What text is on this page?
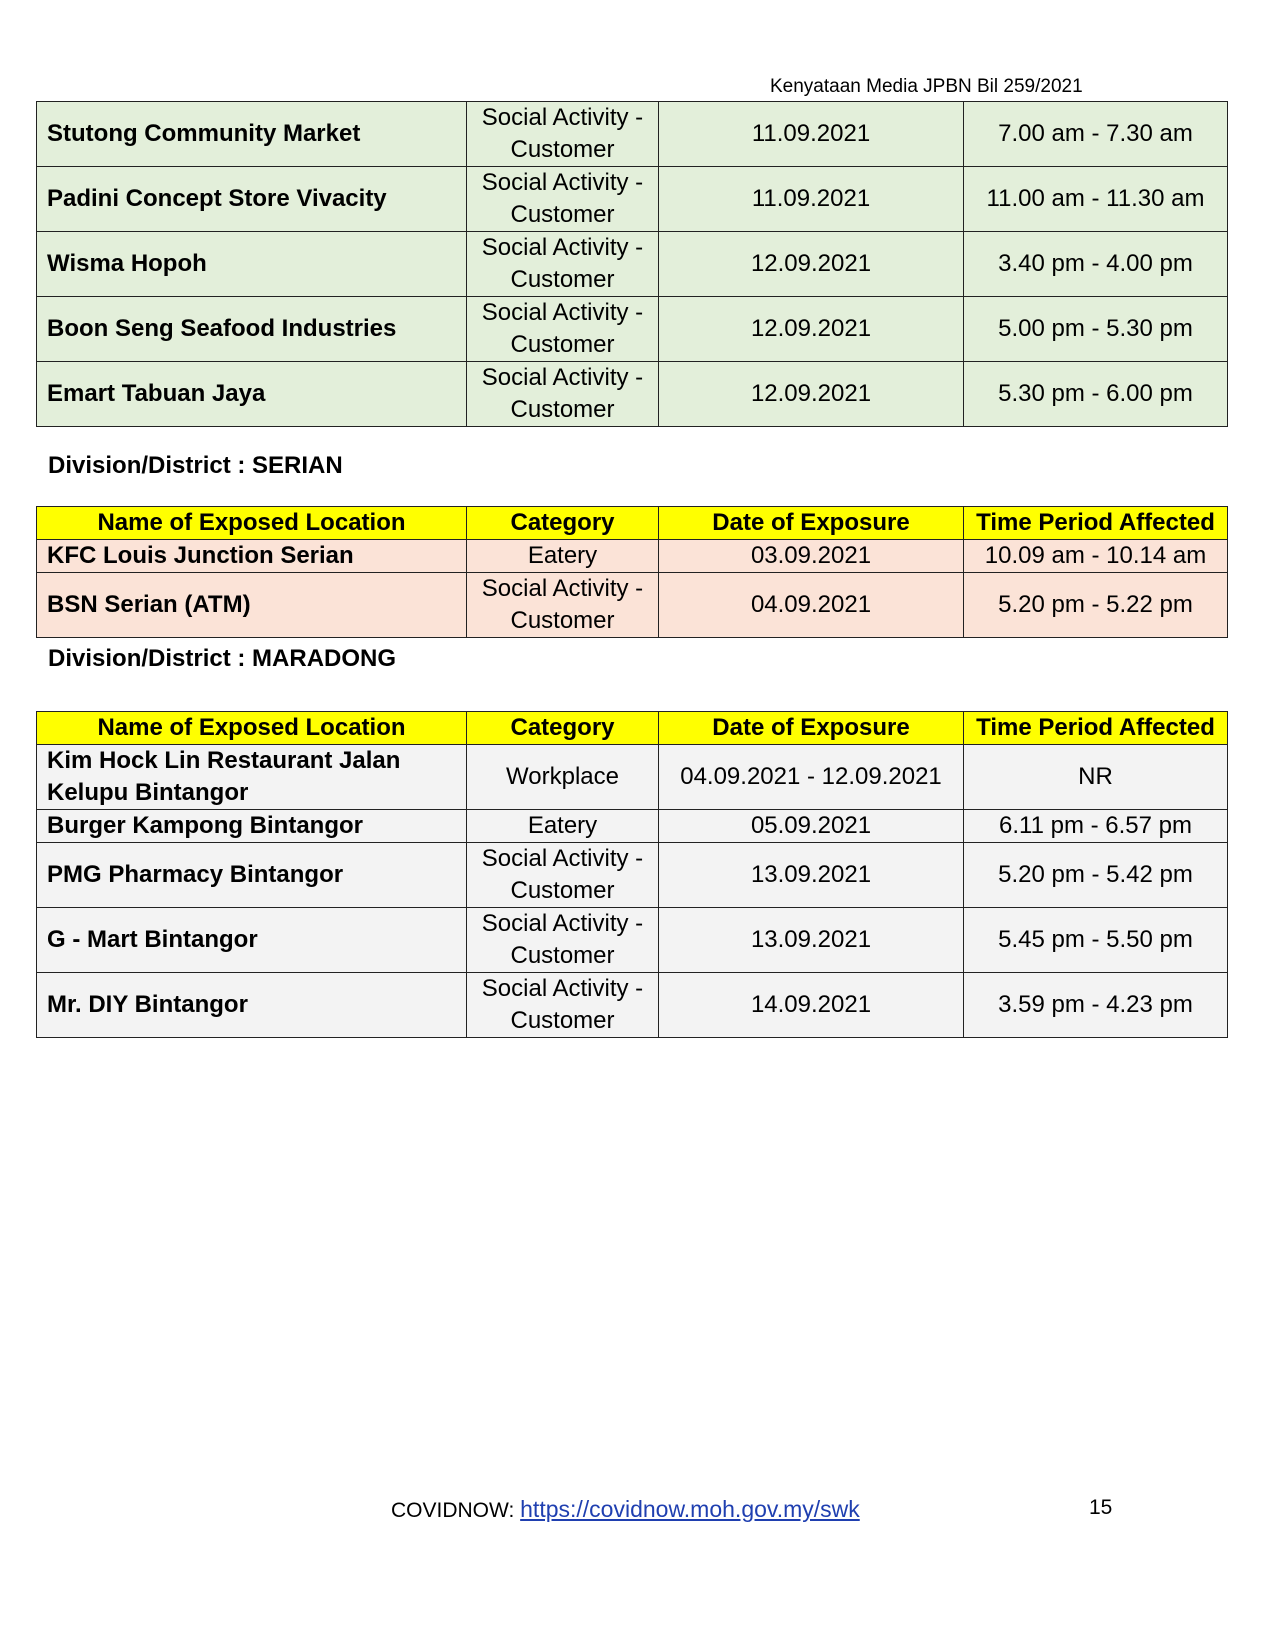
Kenyataan Media JPBN Bil 259/2021
Stutong Community Market	Social Activity - Customer	11.09.2021	7.00 am - 7.30 am
Padini Concept Store Vivacity	Social Activity - Customer	11.09.2021	11.00 am - 11.30 am
Wisma Hopoh	Social Activity - Customer	12.09.2021	3.40 pm - 4.00 pm
Boon Seng Seafood Industries	Social Activity - Customer	12.09.2021	5.00 pm - 5.30 pm
Emart Tabuan Jaya	Social Activity - Customer	12.09.2021	5.30 pm - 6.00 pm
Division/District : SERIAN
Name of Exposed Location	Category	Date of Exposure	Time Period Affected
KFC Louis Junction Serian	Eatery	03.09.2021	10.09 am - 10.14 am
BSN Serian (ATM)	Social Activity - Customer	04.09.2021	5.20 pm - 5.22 pm
Division/District : MARADONG
Name of Exposed Location	Category	Date of Exposure	Time Period Affected
Kim Hock Lin Restaurant Jalan Kelupu Bintangor	Workplace	04.09.2021 - 12.09.2021	NR
Burger Kampong Bintangor	Eatery	05.09.2021	6.11 pm - 6.57 pm
PMG Pharmacy Bintangor	Social Activity - Customer	13.09.2021	5.20 pm - 5.42 pm
G - Mart Bintangor	Social Activity - Customer	13.09.2021	5.45 pm - 5.50 pm
Mr. DIY Bintangor	Social Activity - Customer	14.09.2021	3.59 pm - 4.23 pm
COVIDNOW: https://covidnow.moh.gov.my/swk	15
